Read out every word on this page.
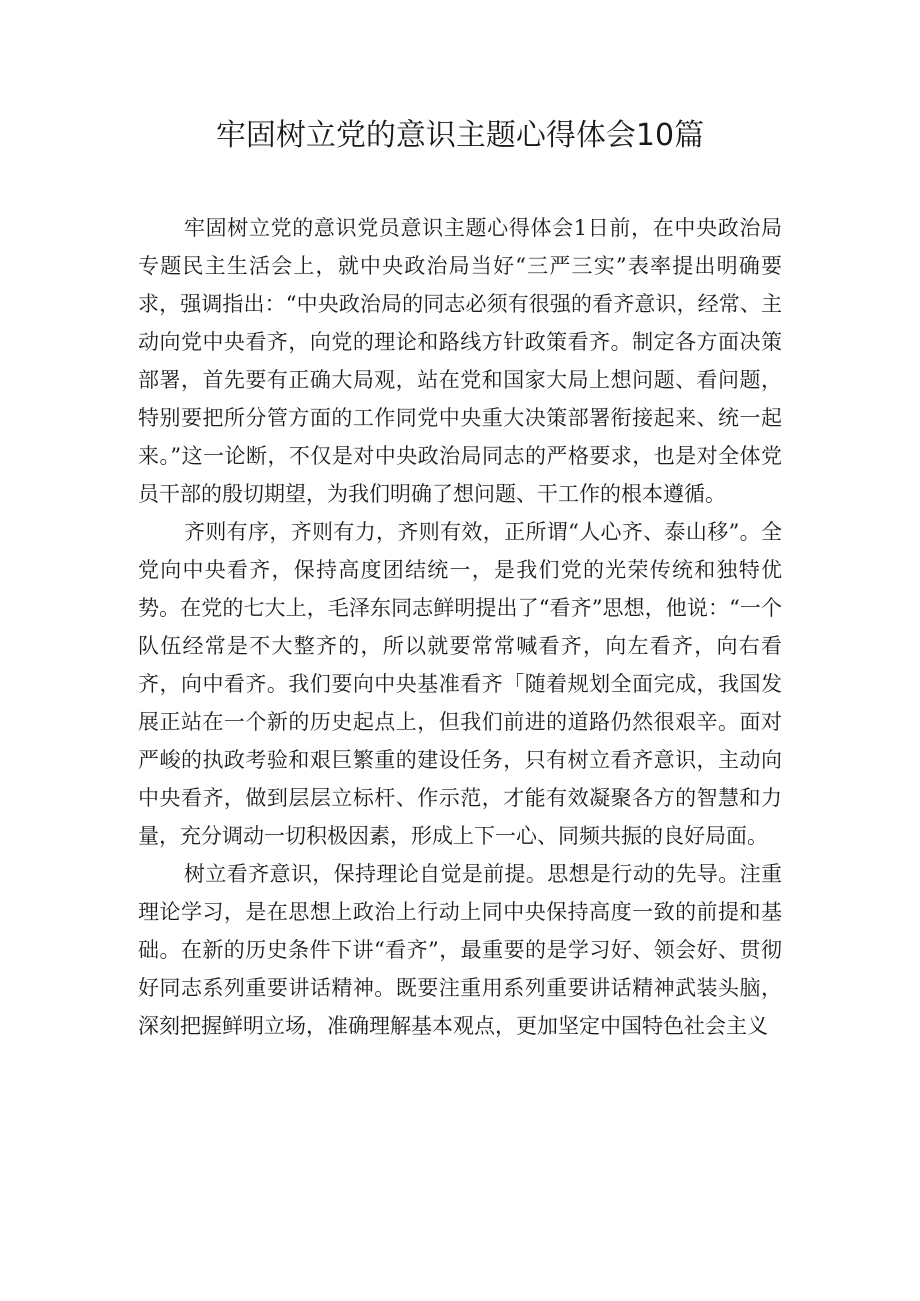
牢固树立党的意识主题心得体会10篇

牢固树立党的意识党员意识主题心得体会1日前，在中央政治局专题民主生活会上，就中央政治局当好“三严三实”表率提出明确要求，强调指出：“中央政治局的同志必须有很强的看齐意识，经常、主动向党中央看齐，向党的理论和路线方针政策看齐。制定各方面决策部署，首先要有正确大局观，站在党和国家大局上想问题、看问题，特别要把所分管方面的工作同党中央重大决策部署衔接起来、统一起来。”这一论断，不仅是对中央政治局同志的严格要求，也是对全体党员干部的殷切期望，为我们明确了想问题、干工作的根本遵循。

齐则有序，齐则有力，齐则有效，正所谓“人心齐、泰山移”。全党向中央看齐，保持高度团结统一，是我们党的光荣传统和独特优势。在党的七大上，毛泽东同志鲜明提出了“看齐”思想，他说：“一个队伍经常是不大整齐的，所以就要常常喊看齐，向左看齐，向右看齐，向中看齐。我们要向中央基准看齐「随着规划全面完成，我国发展正站在一个新的历史起点上，但我们前进的道路仍然很艰辛。面对严峻的执政考验和艰巨繁重的建设任务，只有树立看齐意识，主动向中央看齐，做到层层立标杆、作示范，才能有效凝聚各方的智慧和力量，充分调动一切积极因素，形成上下一心、同频共振的良好局面。

树立看齐意识，保持理论自觉是前提。思想是行动的先导。注重理论学习，是在思想上政治上行动上同中央保持高度一致的前提和基础。在新的历史条件下讲“看齐”，最重要的是学习好、领会好、贯彻好同志系列重要讲话精神。既要注重用系列重要讲话精神武装头脑，深刻把握鲜明立场，准确理解基本观点，更加坚定中国特色社会主义
